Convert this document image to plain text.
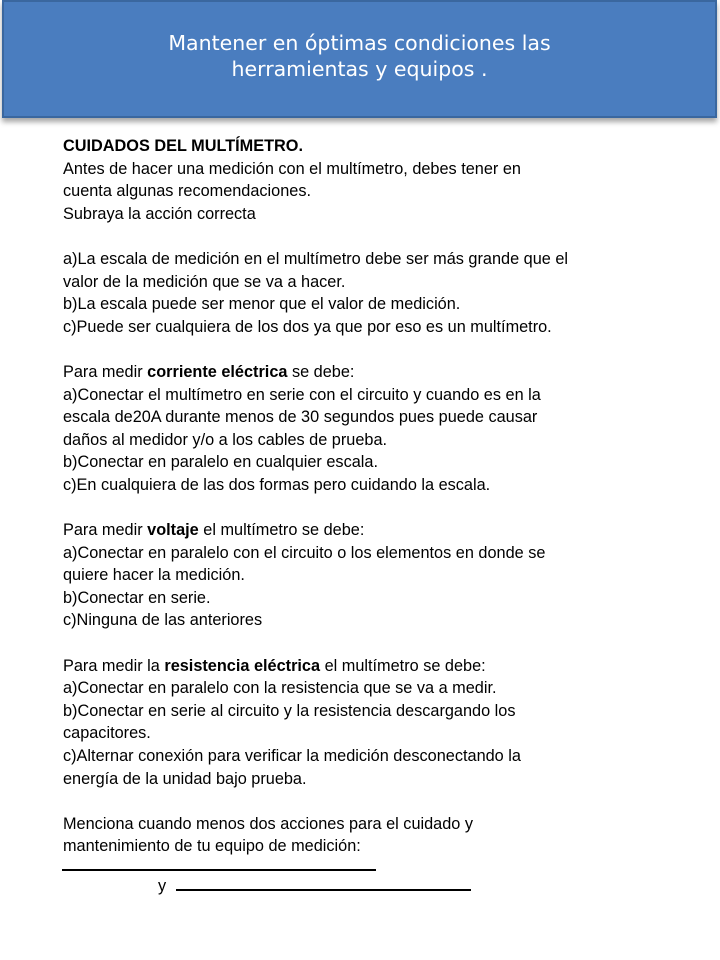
Mantener en óptimas condiciones las
herramientas y equipos .

CUIDADOS DEL MULTÍMETRO.

Antes de hacer una medición con el multímetro, debes tener en

cuenta algunas recomendaciones.

Subraya la acción correcta

a)La escala de medición en el multímetro debe ser más grande que el

valor de la medición que se va a hacer.

b)La escala puede ser menor que el valor de medición.

c)Puede ser cualquiera de los dos ya que por eso es un multímetro.

Para medir corriente eléctrica se debe:

a)Conectar el multímetro en serie con el circuito y cuando es en la

escala de20A durante menos de 30 segundos pues puede causar

daños al medidor y/o a los cables de prueba.

b)Conectar en paralelo en cualquier escala.

c)En cualquiera de las dos formas pero cuidando la escala.

Para medir voltaje el multímetro se debe:

a)Conectar en paralelo con el circuito o los elementos en donde se

quiere hacer la medición.

b)Conectar en serie.

c)Ninguna de las anteriores

Para medir la resistencia eléctrica el multímetro se debe:

a)Conectar en paralelo con la resistencia que se va a medir.

b)Conectar en serie al circuito y la resistencia descargando los

capacitores.

c)Alternar conexión para verificar la medición desconectando la

energía de la unidad bajo prueba.

Menciona cuando menos dos acciones para el cuidado y

mantenimiento de tu equipo de medición:

y
